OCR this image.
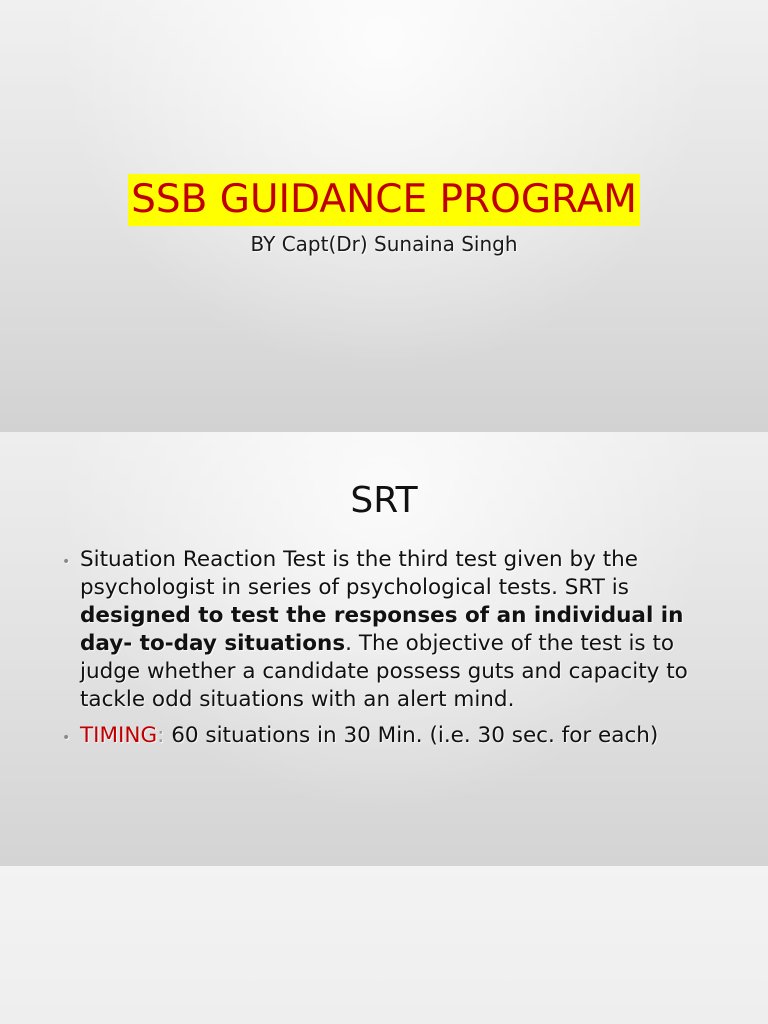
SSB GUIDANCE PROGRAM
BY Capt(Dr) Sunaina Singh
SRT
• Situation Reaction Test is the third test given by the psychologist in series of psychological tests. SRT is designed to test the responses of an individual in day- to-day situations. The objective of the test is to judge whether a candidate possess guts and capacity to tackle odd situations with an alert mind.
• TIMING: 60 situations in 30 Min. (i.e. 30 sec. for each)
